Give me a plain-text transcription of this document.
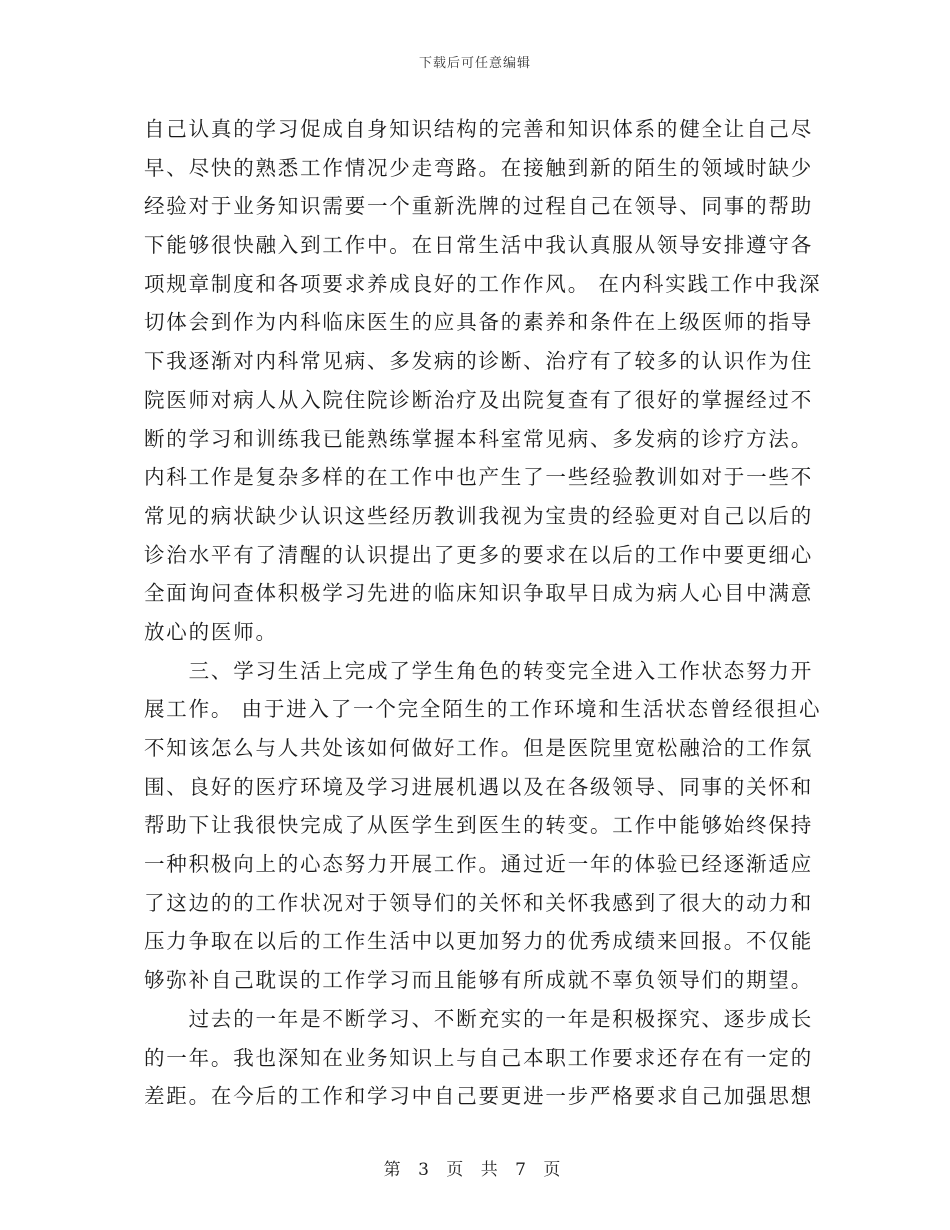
下载后可任意编辑
自己认真的学习促成自身知识结构的完善和知识体系的健全让自己尽
早、尽快的熟悉工作情况少走弯路。在接触到新的陌生的领域时缺少
经验对于业务知识需要一个重新洗牌的过程自己在领导、同事的帮助
下能够很快融入到工作中。在日常生活中我认真服从领导安排遵守各
项规章制度和各项要求养成良好的工作作风。 在内科实践工作中我深
切体会到作为内科临床医生的应具备的素养和条件在上级医师的指导
下我逐渐对内科常见病、多发病的诊断、治疗有了较多的认识作为住
院医师对病人从入院住院诊断治疗及出院复查有了很好的掌握经过不
断的学习和训练我已能熟练掌握本科室常见病、多发病的诊疗方法。
内科工作是复杂多样的在工作中也产生了一些经验教训如对于一些不
常见的病状缺少认识这些经历教训我视为宝贵的经验更对自己以后的
诊治水平有了清醒的认识提出了更多的要求在以后的工作中要更细心
全面询问查体积极学习先进的临床知识争取早日成为病人心目中满意
放心的医师。
　　三、学习生活上完成了学生角色的转变完全进入工作状态努力开
展工作。 由于进入了一个完全陌生的工作环境和生活状态曾经很担心
不知该怎么与人共处该如何做好工作。但是医院里宽松融洽的工作氛
围、良好的医疗环境及学习进展机遇以及在各级领导、同事的关怀和
帮助下让我很快完成了从医学生到医生的转变。工作中能够始终保持
一种积极向上的心态努力开展工作。通过近一年的体验已经逐渐适应
了这边的的工作状况对于领导们的关怀和关怀我感到了很大的动力和
压力争取在以后的工作生活中以更加努力的优秀成绩来回报。不仅能
够弥补自己耽误的工作学习而且能够有所成就不辜负领导们的期望。
　　过去的一年是不断学习、不断充实的一年是积极探究、逐步成长
的一年。我也深知在业务知识上与自己本职工作要求还存在有一定的
差距。在今后的工作和学习中自己要更进一步严格要求自己加强思想
第 3 页 共 7 页
